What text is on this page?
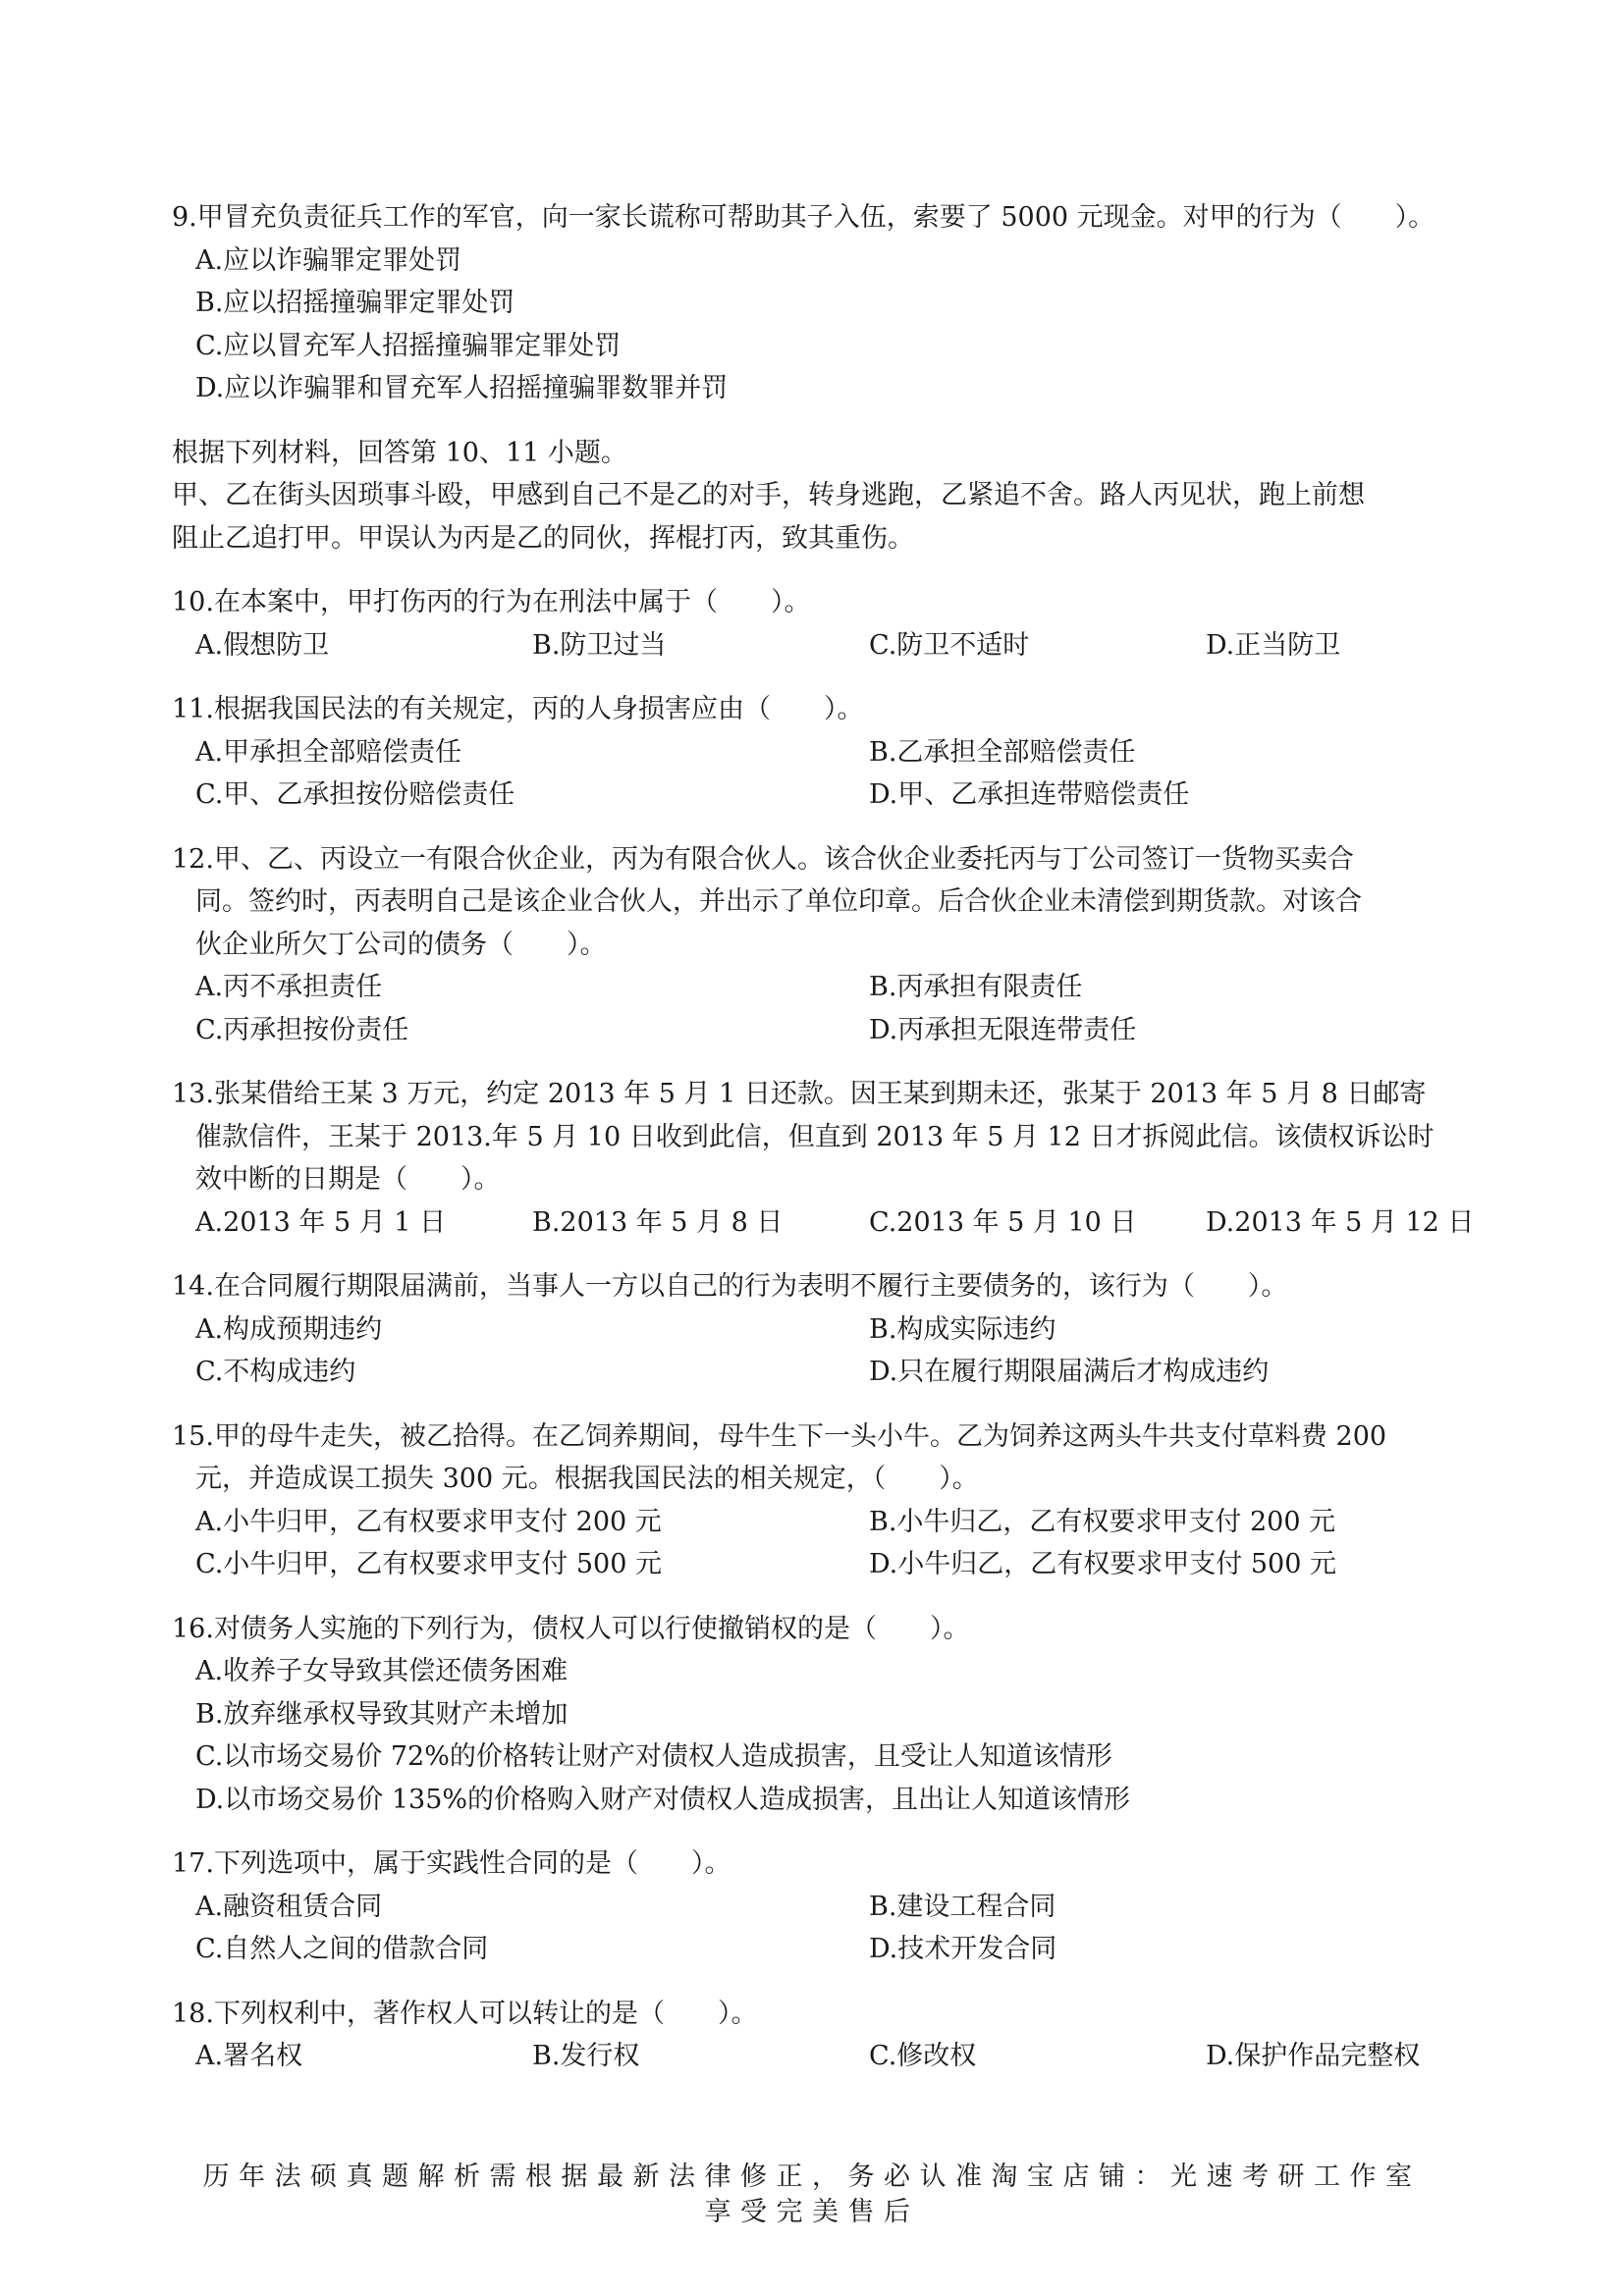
9.甲冒充负责征兵工作的军官，向一家长谎称可帮助其子入伍，索要了 5000 元现金。对甲的行为（　　）。
A.应以诈骗罪定罪处罚
B.应以招摇撞骗罪定罪处罚
C.应以冒充军人招摇撞骗罪定罪处罚
D.应以诈骗罪和冒充军人招摇撞骗罪数罪并罚
根据下列材料，回答第 10、11 小题。
甲、乙在街头因琐事斗殴，甲感到自己不是乙的对手，转身逃跑，乙紧追不舍。路人丙见状，跑上前想
阻止乙追打甲。甲误认为丙是乙的同伙，挥棍打丙，致其重伤。
10.在本案中，甲打伤丙的行为在刑法中属于（　　）。
A.假想防卫	B.防卫过当	C.防卫不适时	D.正当防卫
11.根据我国民法的有关规定，丙的人身损害应由（　　）。
A.甲承担全部赔偿责任	B.乙承担全部赔偿责任
C.甲、乙承担按份赔偿责任	D.甲、乙承担连带赔偿责任
12.甲、乙、丙设立一有限合伙企业，丙为有限合伙人。该合伙企业委托丙与丁公司签订一货物买卖合
同。签约时，丙表明自己是该企业合伙人，并出示了单位印章。后合伙企业未清偿到期货款。对该合
伙企业所欠丁公司的债务（　　）。
A.丙不承担责任	B.丙承担有限责任
C.丙承担按份责任	D.丙承担无限连带责任
13.张某借给王某 3 万元，约定 2013 年 5 月 1 日还款。因王某到期未还，张某于 2013 年 5 月 8 日邮寄
催款信件，王某于 2013.年 5 月 10 日收到此信，但直到 2013 年 5 月 12 日才拆阅此信。该债权诉讼时
效中断的日期是（　　）。
A.2013 年 5 月 1 日	B.2013 年 5 月 8 日	C.2013 年 5 月 10 日	D.2013 年 5 月 12 日
14.在合同履行期限届满前，当事人一方以自己的行为表明不履行主要债务的，该行为（　　）。
A.构成预期违约	B.构成实际违约
C.不构成违约	D.只在履行期限届满后才构成违约
15.甲的母牛走失，被乙拾得。在乙饲养期间，母牛生下一头小牛。乙为饲养这两头牛共支付草料费 200
元，并造成误工损失 300 元。根据我国民法的相关规定，（　　）。
A.小牛归甲，乙有权要求甲支付 200 元	B.小牛归乙，乙有权要求甲支付 200 元
C.小牛归甲，乙有权要求甲支付 500 元	D.小牛归乙，乙有权要求甲支付 500 元
16.对债务人实施的下列行为，债权人可以行使撤销权的是（　　）。
A.收养子女导致其偿还债务困难
B.放弃继承权导致其财产未增加
C.以市场交易价 72%的价格转让财产对债权人造成损害，且受让人知道该情形
D.以市场交易价 135%的价格购入财产对债权人造成损害，且出让人知道该情形
17.下列选项中，属于实践性合同的是（　　）。
A.融资租赁合同	B.建设工程合同
C.自然人之间的借款合同	D.技术开发合同
18.下列权利中，著作权人可以转让的是（　　）。
A.署名权	B.发行权	C.修改权	D.保护作品完整权
历年法硕真题解析需根据最新法律修正，务必认准淘宝店铺：光速考研工作室
享受完美售后
